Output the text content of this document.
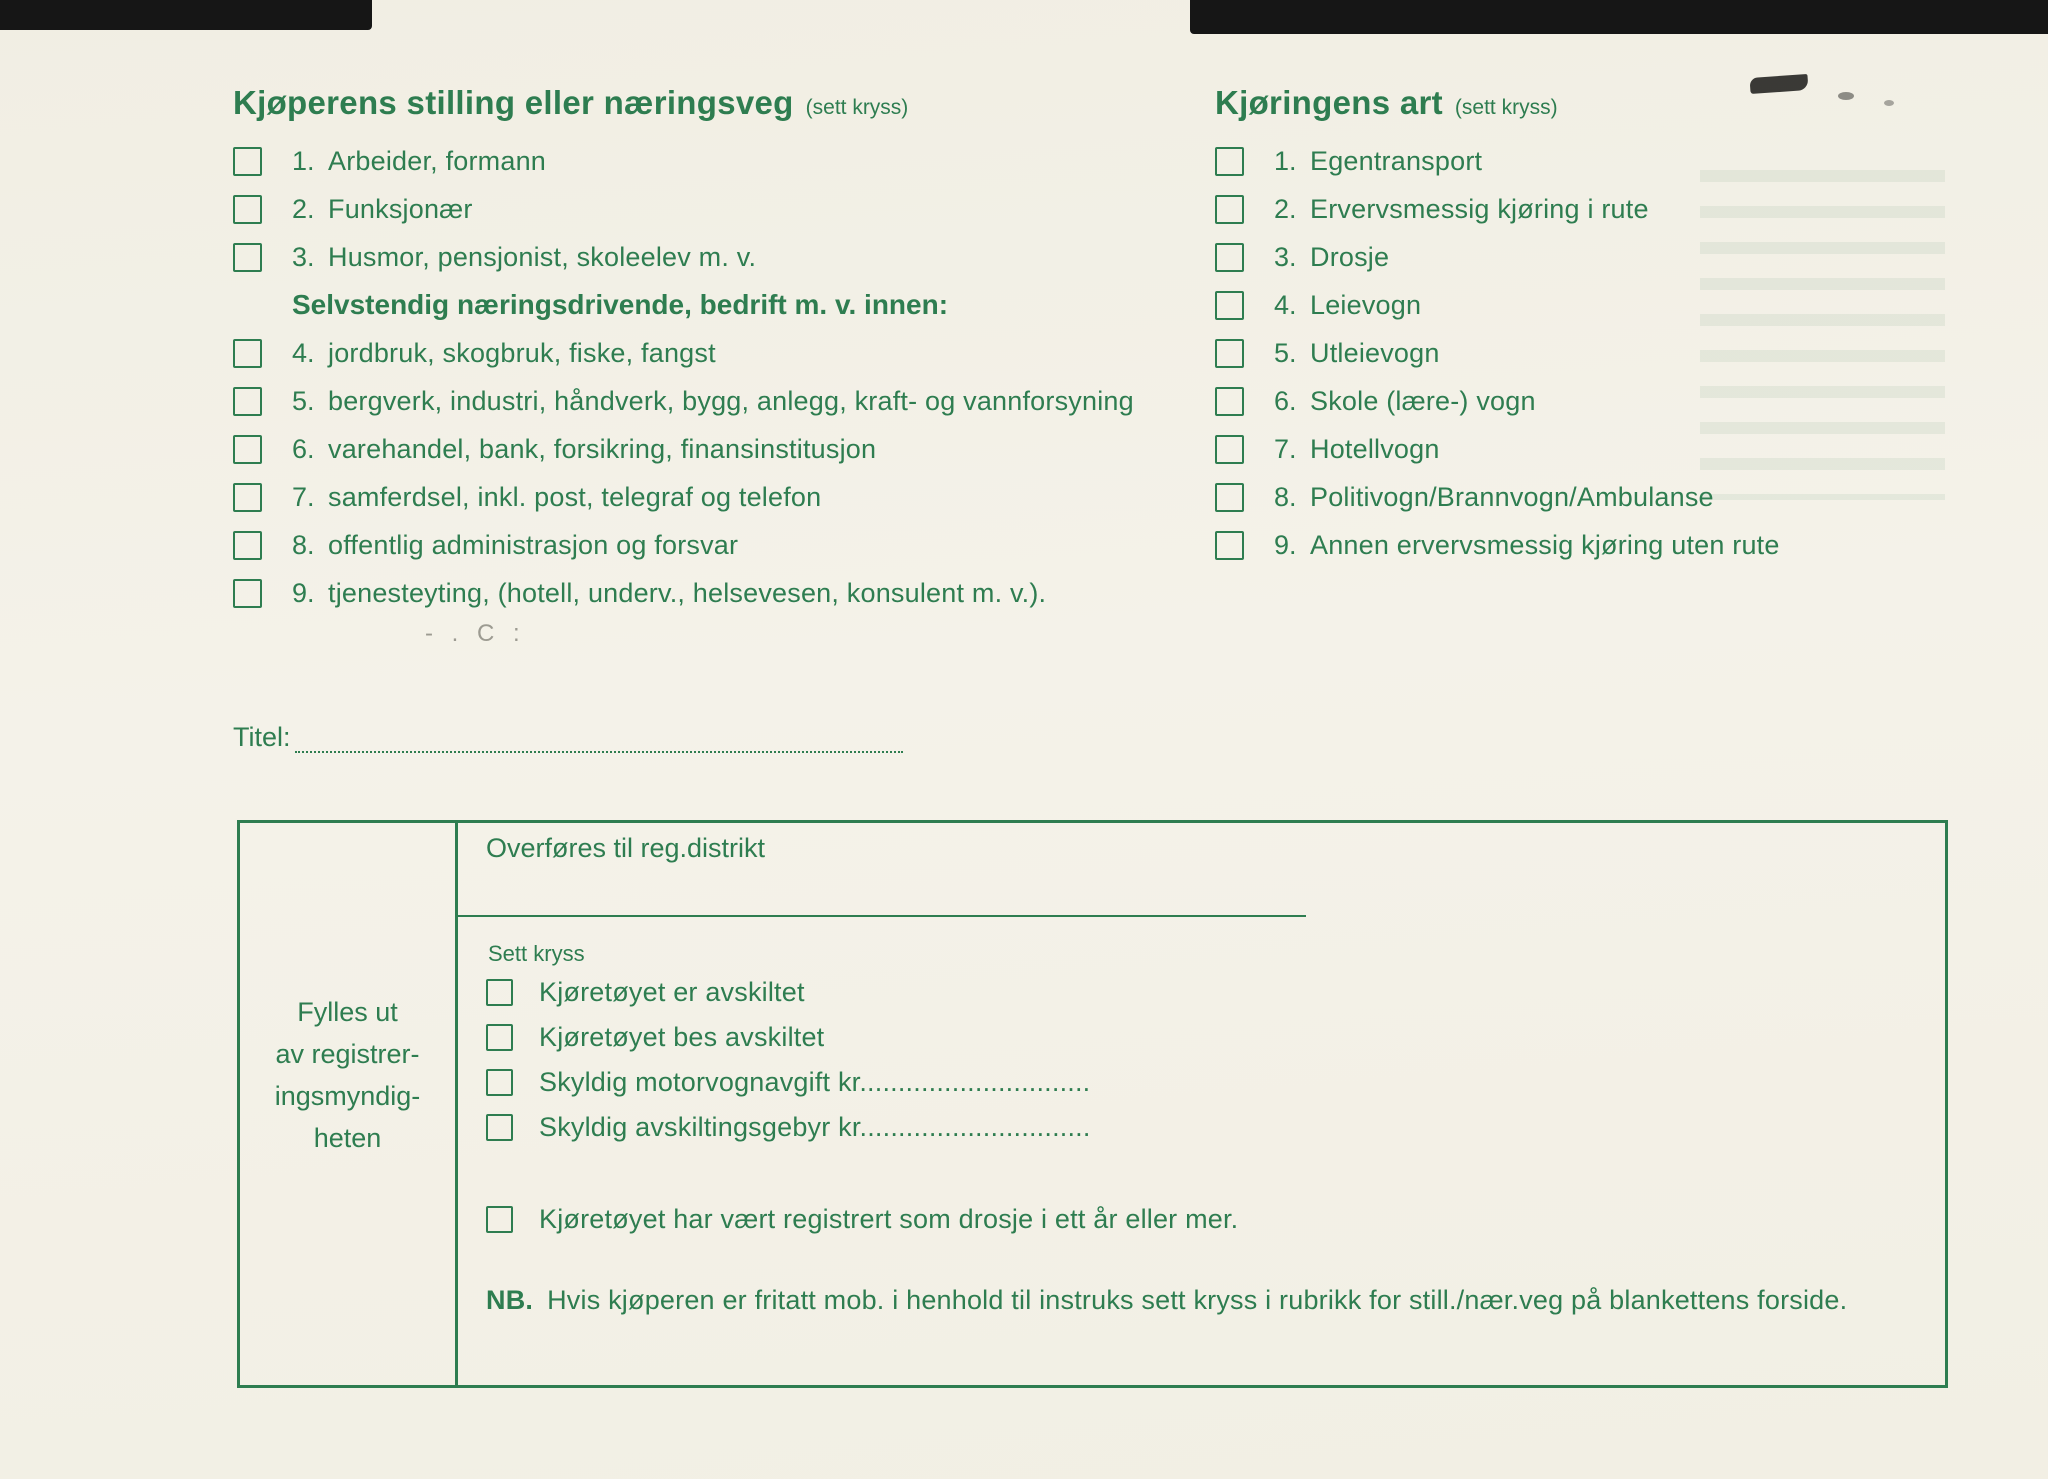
- . C :
Kjøperens stilling eller næringsveg (sett kryss)
1. Arbeider, formann
2. Funksjonær
3. Husmor, pensjonist, skoleelev m. v.
Selvstendig næringsdrivende, bedrift m. v. innen:
4. jordbruk, skogbruk, fiske, fangst
5. bergverk, industri, håndverk, bygg, anlegg, kraft- og vannforsyning
6. varehandel, bank, forsikring, finansinstitusjon
7. samferdsel, inkl. post, telegraf og telefon
8. offentlig administrasjon og forsvar
9. tjenesteyting, (hotell, underv., helsevesen, konsulent m. v.).
Kjøringens art (sett kryss)
1. Egentransport
2. Ervervsmessig kjøring i rute
3. Drosje
4. Leievogn
5. Utleievogn
6. Skole (lære-) vogn
7. Hotellvogn
8. Politivogn/Brannvogn/Ambulanse
9. Annen ervervsmessig kjøring uten rute
Titel:
Fylles ut
av registrer-
ingsmyndig-
heten
Overføres til reg.distrikt
Sett kryss
Kjøretøyet er avskiltet
Kjøretøyet bes avskiltet
Skyldig motorvognavgift kr..............................
Skyldig avskiltingsgebyr kr..............................
Kjøretøyet har vært registrert som drosje i ett år eller mer.
NB. Hvis kjøperen er fritatt mob. i henhold til instruks sett kryss i rubrikk for still./nær.veg på blankettens forside.
